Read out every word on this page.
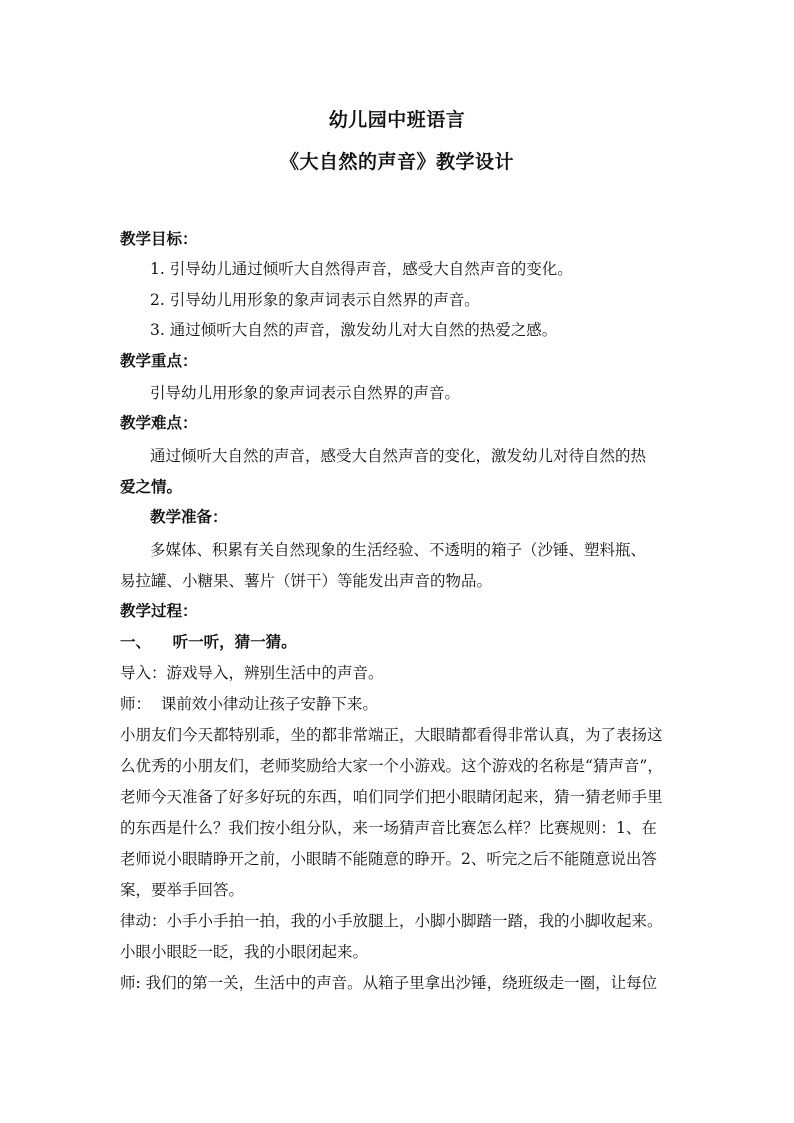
幼儿园中班语言
《大自然的声音》教学设计
教学目标：
1. 引导幼儿通过倾听大自然得声音，感受大自然声音的变化。
2. 引导幼儿用形象的象声词表示自然界的声音。
3. 通过倾听大自然的声音，激发幼儿对大自然的热爱之感。
教学重点：
引导幼儿用形象的象声词表示自然界的声音。
教学难点：
通过倾听大自然的声音，感受大自然声音的变化，激发幼儿对待自然的热
爱之情。
教学准备：
多媒体、积累有关自然现象的生活经验、不透明的箱子（沙锤、塑料瓶、
易拉罐、小糖果、薯片（饼干）等能发出声音的物品。
教学过程：
一、    听一听，猜一猜。
导入：游戏导入，辨别生活中的声音。
师：  课前效小律动让孩子安静下来。
小朋友们今天都特别乖，坐的都非常端正，大眼睛都看得非常认真，为了表扬这
么优秀的小朋友们，老师奖励给大家一个小游戏。这个游戏的名称是“猜声音”，
老师今天准备了好多好玩的东西，咱们同学们把小眼睛闭起来，猜一猜老师手里
的东西是什么？我们按小组分队，来一场猜声音比赛怎么样？比赛规则：1、在
老师说小眼睛睁开之前，小眼睛不能随意的睁开。2、听完之后不能随意说出答
案，要举手回答。
律动：小手小手拍一拍，我的小手放腿上，小脚小脚踏一踏，我的小脚收起来。
小眼小眼眨一眨，我的小眼闭起来。
师: 我们的第一关，生活中的声音。从箱子里拿出沙锤，绕班级走一圈，让每位
